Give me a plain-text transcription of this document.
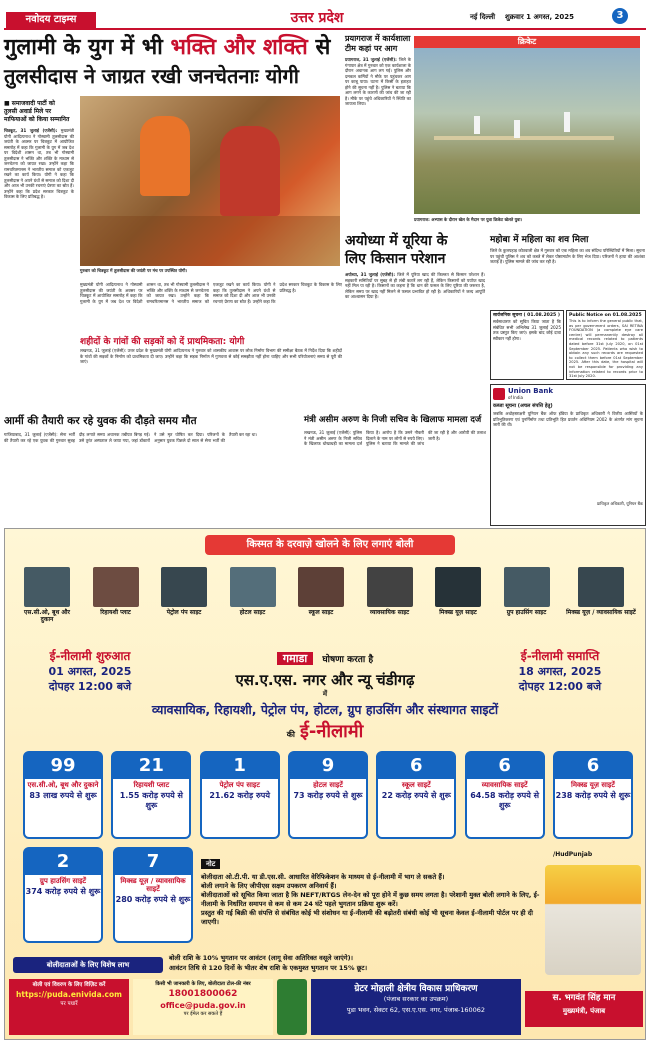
नवोदय टाइम्स	उत्तर प्रदेश	नई दिल्ली शुक्रवार 1 अगस्त, 2025	3
गुलामी के युग में भी भक्ति और शक्ति से
तुलसीदास ने जाग्रत रखी जनचेतनाः योगी
■ समाजवादी पार्टी को
तुलसी अवार्ड मिले पर
माफियाओं को किया सम्मानित
चित्रकूट, 31 जुलाई (एजेंसी): मुख्यमंत्री योगी आदित्यनाथ ने गोस्वामी तुलसीदास की जयंती के अवसर पर चित्रकूट में आयोजित समारोह में कहा कि गुलामी के युग में जब देश पर विदेशी शासन था, तब भी गोस्वामी तुलसीदास ने भक्ति और शक्ति के माध्यम से जनचेतना को जाग्रत रखा। उन्होंने कहा कि रामचरितमानस ने भारतीय समाज को एकजुट रखने का कार्य किया। योगी ने कहा कि तुलसीदास ने अपने ग्रंथों से समाज को दिशा दी और आज भी उनकी रचनाएं प्रेरणा का स्रोत हैं। उन्होंने कहा कि प्रदेश सरकार चित्रकूट के विकास के लिए प्रतिबद्ध है।
गुरुवार को चित्रकूट में तुलसीदास की जयंती पर मंच पर उपस्थित योगी।
प्रयागराज में कार्यशाला टीम कहां पर आग
प्रयागराज, 31 जुलाई (एजेंसी): जिले के गंगापार क्षेत्र में गुरुवार को एक कार्यशाला के दौरान अचानक आग लग गई। पुलिस और दमकल कर्मियों ने मौके पर पहुंचकर आग पर काबू पाया। घटना में किसी के हताहत होने की सूचना नहीं है। पुलिस ने बताया कि आग लगने के कारणों की जांच की जा रही है। मौके पर पहुंचे अधिकारियों ने स्थिति का जायजा लिया।
क्रिकेट
प्रयागराज: अभ्यास के दौरान खेल के मैदान पर युवा क्रिकेट खेलते युवा।
अयोध्या में यूरिया के
लिए किसान परेशान
अयोध्या, 31 जुलाई (एजेंसी): जिले में यूरिया खाद की किल्लत से किसान परेशान हैं। सहकारी समितियों पर सुबह से ही लंबी कतारें लग रही हैं, लेकिन किसानों को पर्याप्त खाद नहीं मिल पा रही है। किसानों का कहना है कि धान की फसल के लिए यूरिया की जरूरत है, लेकिन समय पर खाद नहीं मिलने से फसल प्रभावित हो रही है। अधिकारियों ने जल्द आपूर्ति का आश्वासन दिया है।
महोबा में महिला का शव मिला
जिले के कुलपहाड़ कोतवाली क्षेत्र में गुरुवार को एक महिला का शव संदिग्ध परिस्थितियों में मिला। सूचना पर पहुंची पुलिस ने शव को कब्जे में लेकर पोस्टमार्टम के लिए भेज दिया। परिजनों ने हत्या की आशंका जताई है। पुलिस मामले की जांच कर रही है।
सार्वजनिक सूचना ( 01.08.2025 )
सर्वसाधारण को सूचित किया जाता है कि संबंधित सभी अभिलेख 31 जुलाई 2025 तक प्रस्तुत किए जाएं। इसके बाद कोई दावा स्वीकार नहीं होगा।
Public Notice on 01.08.2025
This is to inform the general public that, as per government orders, SAI RETINA FOUNDATION (a complete eye care centre) will permanently destroy all medical records related to patients dated before 31st July 2020, on 01st September 2025. Patients who wish to obtain any such records are requested to collect them before 01st September 2025. After this date, the hospital will not be responsible for providing any information related to records prior to 31st July 2020.
Union Bank
of India
कब्जा सूचना (अचल संपत्ति हेतु)
जबकि अधोहस्ताक्षरी यूनियन बैंक ऑफ इंडिया के प्राधिकृत अधिकारी ने वित्तीय आस्तियों के प्रतिभूतिकरण एवं पुनर्निर्माण तथा प्रतिभूति हित प्रवर्तन अधिनियम 2002 के अंतर्गत मांग सूचना जारी की थी।
प्राधिकृत अधिकारी, यूनियन बैंक
शहीदों के गांवों की सड़कों को दें प्राथमिकता: योगी
लखनऊ, 31 जुलाई (एजेंसी): उत्तर प्रदेश के मुख्यमंत्री योगी आदित्यनाथ ने गुरुवार को शासकीय आवास पर लोक निर्माण विभाग की समीक्षा बैठक में निर्देश दिया कि शहीदों के गांवों की सड़कों के निर्माण को प्राथमिकता दी जाए। उन्होंने कहा कि सड़क निर्माण में गुणवत्ता से कोई समझौता नहीं होना चाहिए और सभी परियोजनाएं समय से पूरी की जाएं।
मुख्यमंत्री योगी आदित्यनाथ ने गोस्वामी तुलसीदास की जयंती के अवसर पर चित्रकूट में आयोजित समारोह में कहा कि गुलामी के युग में जब देश पर विदेशी शासन था, तब भी गोस्वामी तुलसीदास ने भक्ति और शक्ति के माध्यम से जनचेतना को जाग्रत रखा। उन्होंने कहा कि रामचरितमानस ने भारतीय समाज को एकजुट रखने का कार्य किया। योगी ने कहा कि तुलसीदास ने अपने ग्रंथों से समाज को दिशा दी और आज भी उनकी रचनाएं प्रेरणा का स्रोत हैं। उन्होंने कहा कि प्रदेश सरकार चित्रकूट के विकास के लिए प्रतिबद्ध है।
आर्मी की तैयारी कर रहे युवक की दौड़ते समय मौत
गाजियाबाद, 31 जुलाई (एजेंसी): सेना भर्ती की तैयारी कर रहे एक युवक की गुरुवार सुबह दौड़ लगाते समय अचानक तबीयत बिगड़ गई। उसे तुरंत अस्पताल ले जाया गया, जहां डॉक्टरों ने उसे मृत घोषित कर दिया। परिजनों के अनुसार युवक पिछले दो साल से सेना भर्ती की तैयारी कर रहा था।
मंत्री असीम अरुण के निजी सचिव के खिलाफ मामला दर्ज
लखनऊ, 31 जुलाई (एजेंसी): पुलिस ने मंत्री असीम अरुण के निजी सचिव के खिलाफ धोखाधड़ी का मामला दर्ज किया है। आरोप है कि उसने नौकरी दिलाने के नाम पर लोगों से रुपये लिए। पुलिस ने बताया कि मामले की जांच की जा रही है और आरोपी की तलाश जारी है।
किस्मत के दरवाज़े खोलने के लिए लगाएं बोली
एस.सी.ओ, बूथ और दुकान
रिहायशी प्लाट	पेट्रोल पंप साइट	होटल साइट	स्कूल साइट	व्यावसायिक साइट	मिक्स्ड यूज़ साइट	ग्रुप हाउसिंग साइट	मिक्स्ड यूज़ / व्यावसायिक साइटें
ई-नीलामी शुरुआत
01 अगस्त, 2025
दोपहर 12:00 बजे
ई-नीलामी समाप्ति
18 अगस्त, 2025
दोपहर 12:00 बजे
गमाडा घोषणा करता है
एस.ए.एस. नगर और न्यू चंडीगढ़
में
व्यावसायिक, रिहायशी, पेट्रोल पंप, होटल, ग्रुप हाउसिंग और संस्थागत साइटों
की ई-नीलामी
99
एस.सी.ओ, बूथ और दुकाने
83 लाख रुपये से शुरू
21
रिहायशी प्लाट
1.55 करोड़ रुपये से शुरू
1
पेट्रोल पंप साइट
21.62 करोड़ रुपये
9
होटल साइटें
73 करोड़ रुपये से शुरू
6
स्कूल साइटें
22 करोड़ रुपये से शुरू
6
व्यावसायिक साइटें
64.58 करोड़ रुपये से शुरू
6
मिक्स्ड यूज़ साइटें
238 करोड़ रुपये से शुरू
2
ग्रुप हाउसिंग साइटें
374 करोड़ रुपये से शुरू
7
मिक्स्ड यूज़ / व्यावसायिक साइटें
280 करोड़ रुपये से शुरू
नोट
बोलीदाता ओ.टी.पी. या डी.एस.सी. आधारित वेरिफिकेशन के माध्यम से ई-नीलामी में भाग ले सकते हैं।
बोली लगाने के लिए जीपीएस सक्षम उपकरण अनिवार्य हैं।
बोलीदाताओं को सूचित किया जाता है कि NEFT/RTGS लेन-देन को पूरा होने में कुछ समय लगता है। परेशानी मुक्त बोली लगाने के लिए, ई-नीलामी के निर्धारित समापन से कम से कम 24 घंटे पहले भुगतान प्रक्रिया शुरू करें।
प्रस्तुत की गई बिक्री की संपत्ति से संबंधित कोई भी संशोधन या ई-नीलामी की बढ़ोतरी संबंधी कोई भी सूचना केवल ई-नीलामी पोर्टल पर ही दी जाएगी।
/HudPunjab
स. भगवंत सिंह मान
मुख्यमंत्री, पंजाब
बोलीदाताओं के लिए विशेष लाभ
बोली राशि के 10% भुगतान पर आवंटन (लागू सेवा अतिरिक्त वसूले जाएंगे)।
आवंटन तिथि से 120 दिनों के भीतर शेष राशि के एकमुश्त भुगतान पर 15% छूट।
बोली एवं विवरण के लिए विज़िट करें
https://puda.enivida.com
पर पधारें
किसी भी जानकारी के लिए, बोलीदाता टोल-फ्री नंबर
18001800062
office@puda.gov.in
पर ईमेल कर सकते हैं
ग्रेटर मोहाली क्षेत्रीय विकास प्राधिकरण
(पंजाब सरकार का उपक्रम)
पुडा भवन, सेक्टर 62, एस.ए.एस. नगर, पंजाब-160062
